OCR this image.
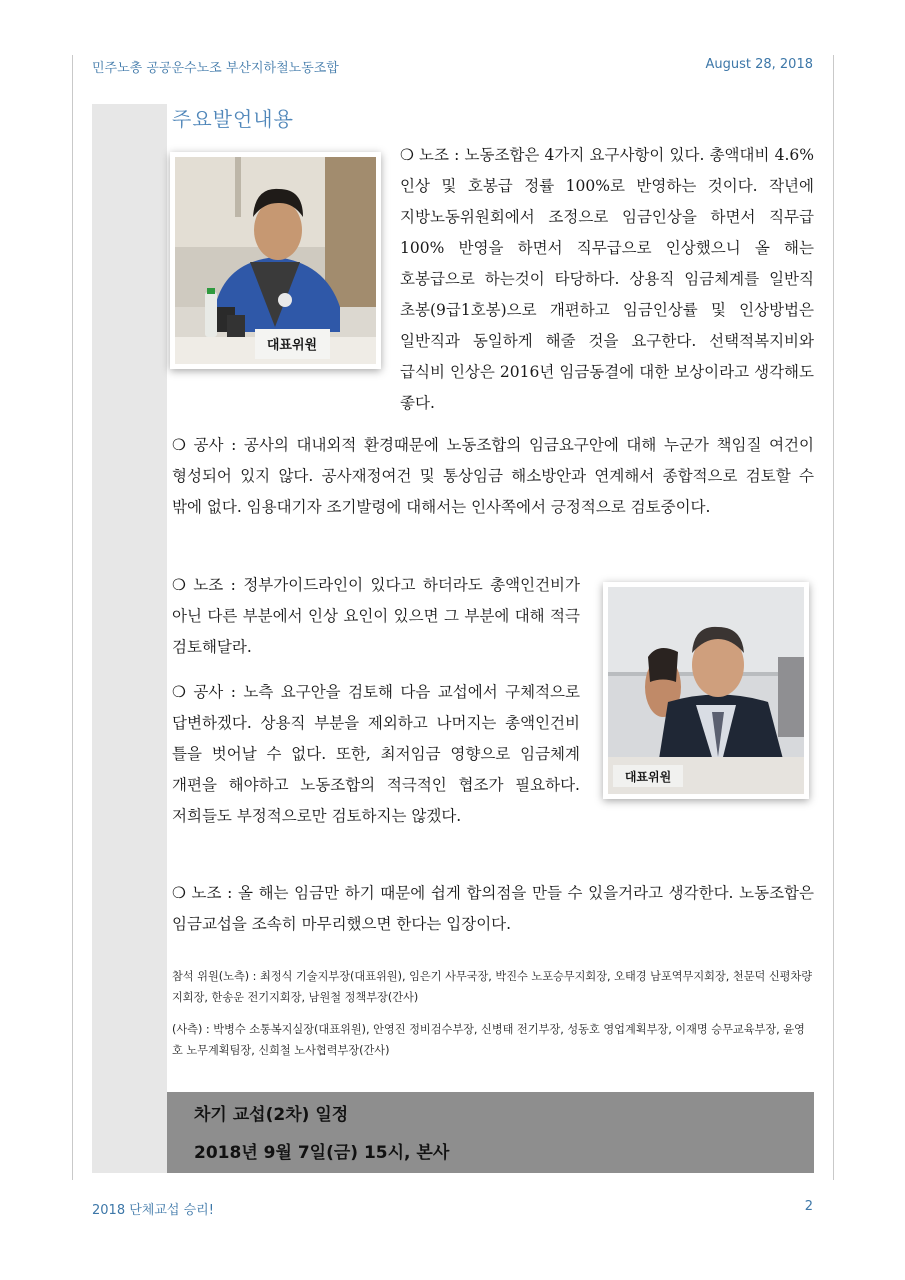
민주노총 공공운수노조 부산지하철노동조합	August 28, 2018
주요발언내용
대표위원

❍ 노조 : 노동조합은 4가지 요구사항이 있다. 총액대비 4.6% 인상 및 호봉급 정률 100%로 반영하는 것이다. 작년에 지방노동위원회에서 조정으로 임금인상을 하면서 직무급 100% 반영을 하면서 직무급으로 인상했으니 올 해는 호봉급으로 하는것이 타당하다. 상용직 임금체계를 일반직 초봉(9급1호봉)으로 개편하고 임금인상률 및 인상방법은 일반직과 동일하게 해줄 것을 요구한다. 선택적복지비와 급식비 인상은 2016년 임금동결에 대한 보상이라고 생각해도 좋다.

❍ 공사 : 공사의 대내외적 환경때문에 노동조합의 임금요구안에 대해 누군가 책임질 여건이 형성되어 있지 않다. 공사재정여건 및 통상임금 해소방안과 연계해서 종합적으로 검토할 수 밖에 없다. 임용대기자 조기발령에 대해서는 인사쪽에서 긍정적으로 검토중이다.

❍ 노조 : 정부가이드라인이 있다고 하더라도 총액인건비가 아닌 다른 부분에서 인상 요인이 있으면 그 부분에 대해 적극 검토해달라.

대표위원

❍ 공사 : 노측 요구안을 검토해 다음 교섭에서 구체적으로 답변하겠다. 상용직 부분을 제외하고 나머지는 총액인건비 틀을 벗어날 수 없다. 또한, 최저임금 영향으로 임금체계 개편을 해야하고 노동조합의 적극적인 협조가 필요하다. 저희들도 부정적으로만 검토하지는 않겠다.

❍ 노조 : 올 해는 임금만 하기 때문에 쉽게 합의점을 만들 수 있을거라고 생각한다. 노동조합은 임금교섭을 조속히 마무리했으면 한다는 입장이다.

참석 위원(노측) : 최정식 기술지부장(대표위원), 임은기 사무국장, 박진수 노포승무지회장, 오태경 남포역무지회장, 천문덕 신평차량지회장, 한송운 전기지회장, 남원철 정책부장(간사)

(사측) : 박병수 소통복지실장(대표위원), 안영진 정비검수부장, 신병태 전기부장, 성동호 영업계획부장, 이재명 승무교육부장, 윤영호 노무계획팀장, 신희철 노사협력부장(간사)

차기 교섭(2차) 일정
2018년 9월 7일(금) 15시, 본사
2018 단체교섭 승리!	2
